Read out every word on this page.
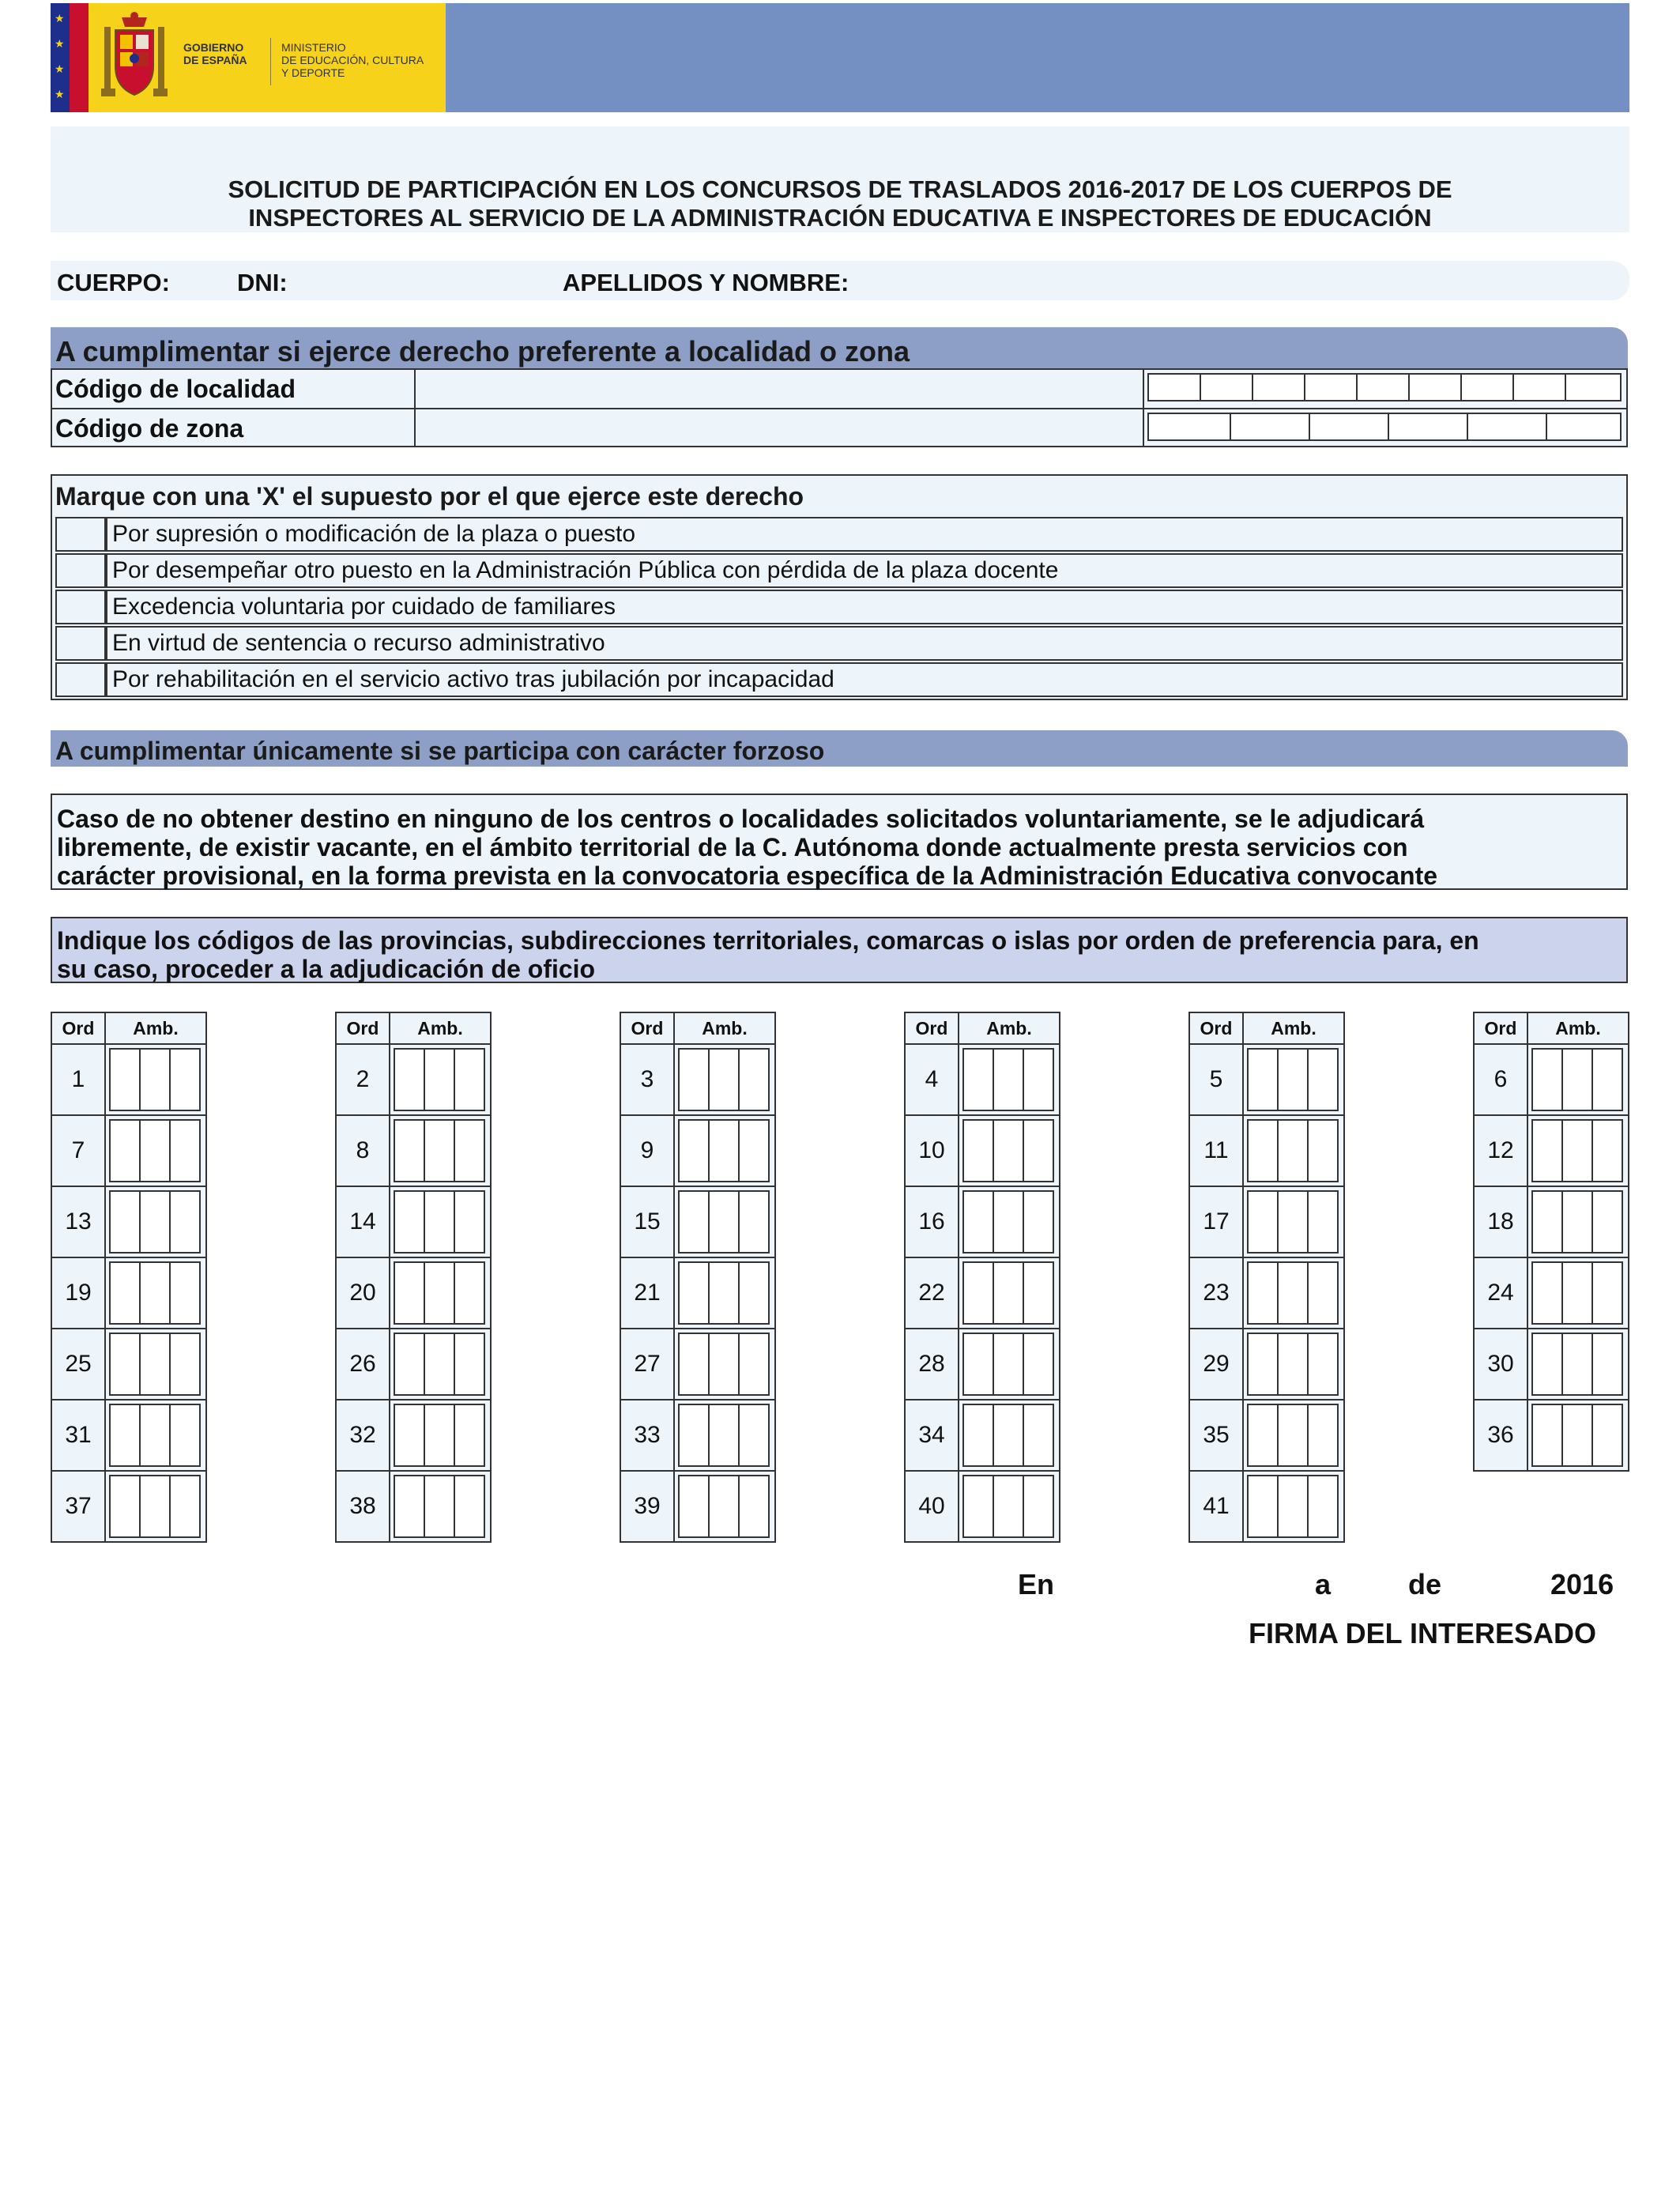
★
★
★
★
GOBIERNO
DE ESPAÑA
MINISTERIO
DE EDUCACIÓN, CULTURA
Y DEPORTE
SOLICITUD DE PARTICIPACIÓN EN LOS CONCURSOS DE TRASLADOS 2016-2017 DE LOS CUERPOS DE
INSPECTORES AL SERVICIO DE LA ADMINISTRACIÓN EDUCATIVA E INSPECTORES DE EDUCACIÓN
CUERPO:	DNI:	APELLIDOS Y NOMBRE:
A cumplimentar si ejerce derecho preferente a localidad o zona
Código de localidad
Código de zona
Marque con una 'X' el supuesto por el que ejerce este derecho
Por supresión o modificación de la plaza o puesto
Por desempeñar otro puesto en la Administración Pública con pérdida de la plaza docente
Excedencia voluntaria por cuidado de familiares
En virtud de sentencia o recurso administrativo
Por rehabilitación en el servicio activo tras jubilación por incapacidad
A cumplimentar únicamente si se participa con carácter forzoso
Caso de no obtener destino en ninguno de los centros o localidades solicitados voluntariamente, se le adjudicará
libremente, de existir vacante, en el ámbito territorial de la C. Autónoma donde actualmente presta servicios con
carácter provisional, en la forma prevista en la convocatoria específica de la Administración Educativa convocante
Indique los códigos de las provincias, subdirecciones territoriales, comarcas o islas por orden de preferencia para, en
su caso, proceder a la adjudicación de oficio
Ord	Amb.
1
7
13
19
25
31
37
Ord	Amb.
2
8
14
20
26
32
38
Ord	Amb.
3
9
15
21
27
33
39
Ord	Amb.
4
10
16
22
28
34
40
Ord	Amb.
5
11
17
23
29
35
41
Ord	Amb.
6
12
18
24
30
36
En	a	de	2016
FIRMA DEL INTERESADO
